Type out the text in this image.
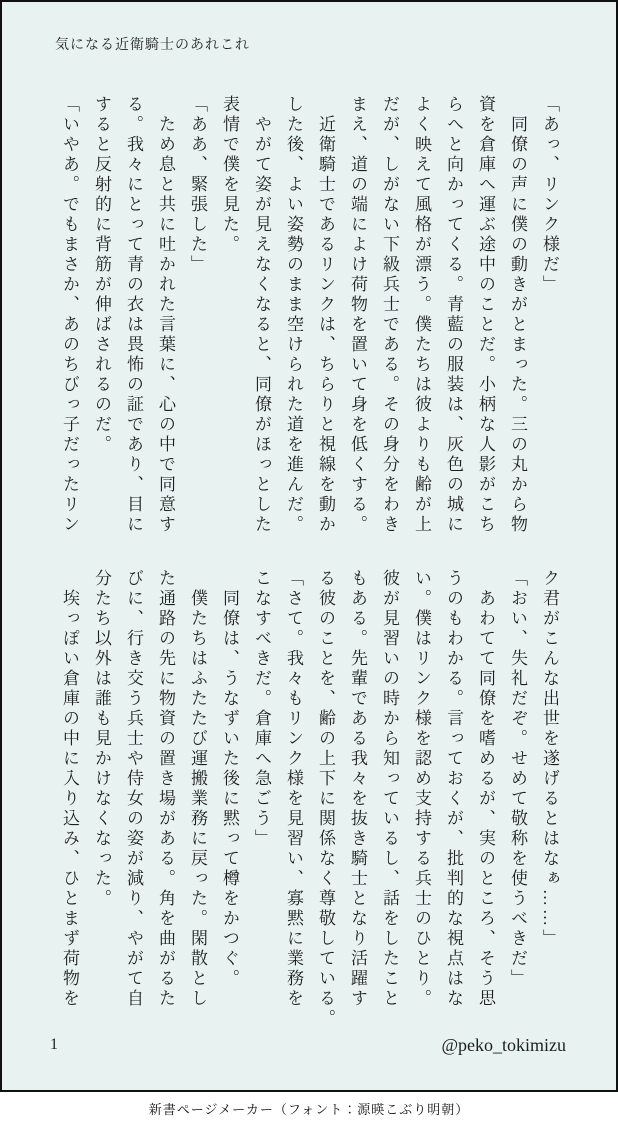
気になる近衛騎士のあれこれ
「あっ、リンク様だ」
　同僚の声に僕の動きがとまった。三の丸から物
資を倉庫へ運ぶ途中のことだ。小柄な人影がこち
らへと向かってくる。青藍の服装は、灰色の城に
よく映えて風格が漂う。僕たちは彼よりも齢が上
だが、しがない下級兵士である。その身分をわき
まえ、道の端によけ荷物を置いて身を低くする。
　近衛騎士であるリンクは、ちらりと視線を動か
した後、よい姿勢のまま空けられた道を進んだ。
　やがて姿が見えなくなると、同僚がほっとした
表情で僕を見た。
「ああ、緊張した」
　ため息と共に吐かれた言葉に、心の中で同意す
る。我々にとって青の衣は畏怖の証であり、目に
すると反射的に背筋が伸ばされるのだ。
「いやあ。でもまさか、あのちびっ子だったリン
ク君がこんな出世を遂げるとはなぁ……」
「おい、失礼だぞ。せめて敬称を使うべきだ」
　あわてて同僚を嗜めるが、実のところ、そう思
うのもわかる。言っておくが、批判的な視点はな
い。僕はリンク様を認め支持する兵士のひとり。
彼が見習いの時から知っているし、話をしたこと
もある。先輩である我々を抜き騎士となり活躍す
る彼のことを、齢の上下に関係なく尊敬している。
「さて。我々もリンク様を見習い、寡黙に業務を
こなすべきだ。倉庫へ急ごう」
　同僚は、うなずいた後に黙って樽をかつぐ。
　僕たちはふたたび運搬業務に戻った。閑散とし
た通路の先に物資の置き場がある。角を曲がるた
びに、行き交う兵士や侍女の姿が減り、やがて自
分たち以外は誰も見かけなくなった。
　埃っぽい倉庫の中に入り込み、ひとまず荷物を
1	@peko_tokimizu
新書ページメーカー（フォント：源暎こぶり明朝）
